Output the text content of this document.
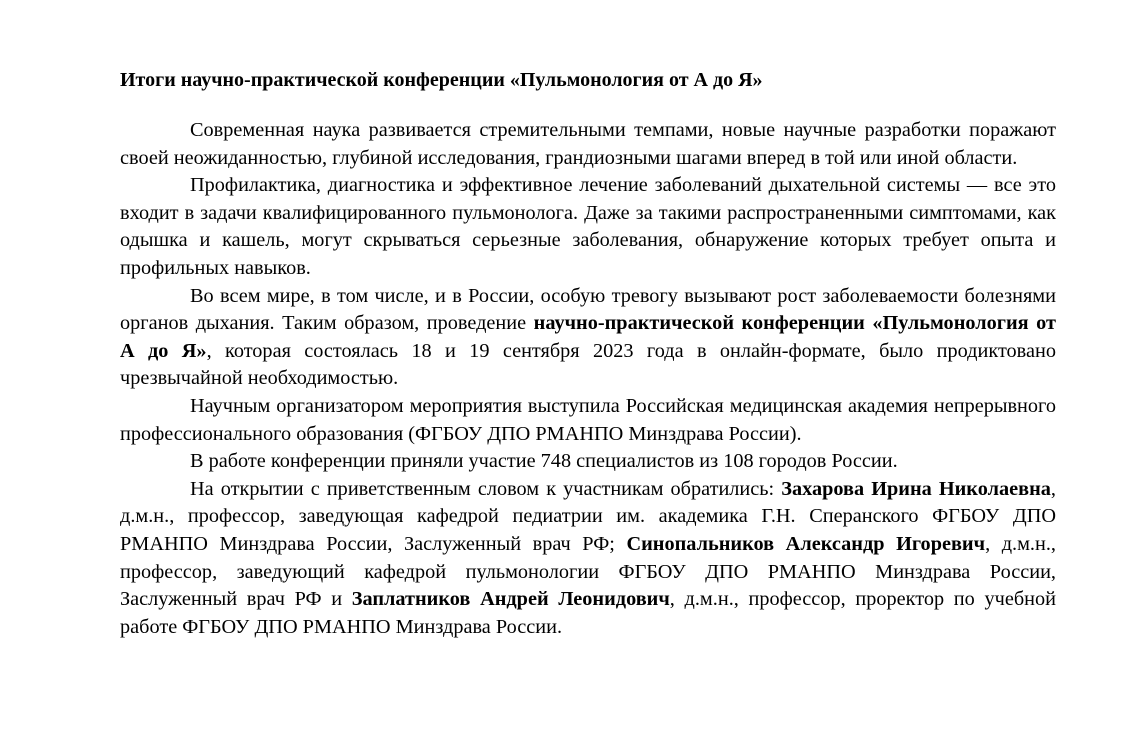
Итоги научно-практической конференции «Пульмонология от А до Я»

Современная наука развивается стремительными темпами, новые научные разработки поражают своей неожиданностью, глубиной исследования, грандиозными шагами вперед в той или иной области.

Профилактика, диагностика и эффективное лечение заболеваний дыхательной системы — все это входит в задачи квалифицированного пульмонолога. Даже за такими распространенными симптомами, как одышка и кашель, могут скрываться серьезные заболевания, обнаружение которых требует опыта и профильных навыков.

Во всем мире, в том числе, и в России, особую тревогу вызывают рост заболеваемости болезнями органов дыхания. Таким образом, проведение научно-практической конференции «Пульмонология от А до Я», которая состоялась 18 и 19 сентября 2023 года в онлайн-формате, было продиктовано чрезвычайной необходимостью.

Научным организатором мероприятия выступила Российская медицинская академия непрерывного профессионального образования (ФГБОУ ДПО РМАНПО Минздрава России).

В работе конференции приняли участие 748 специалистов из 108 городов России.

На открытии с приветственным словом к участникам обратились: Захарова Ирина Николаевна, д.м.н., профессор, заведующая кафедрой педиатрии им. академика Г.Н. Сперанского ФГБОУ ДПО РМАНПО Минздрава России, Заслуженный врач РФ; Синопальников Александр Игоревич, д.м.н., профессор, заведующий кафедрой пульмонологии ФГБОУ ДПО РМАНПО Минздрава России, Заслуженный врач РФ и Заплатников Андрей Леонидович, д.м.н., профессор, проректор по учебной работе ФГБОУ ДПО РМАНПО Минздрава России.
